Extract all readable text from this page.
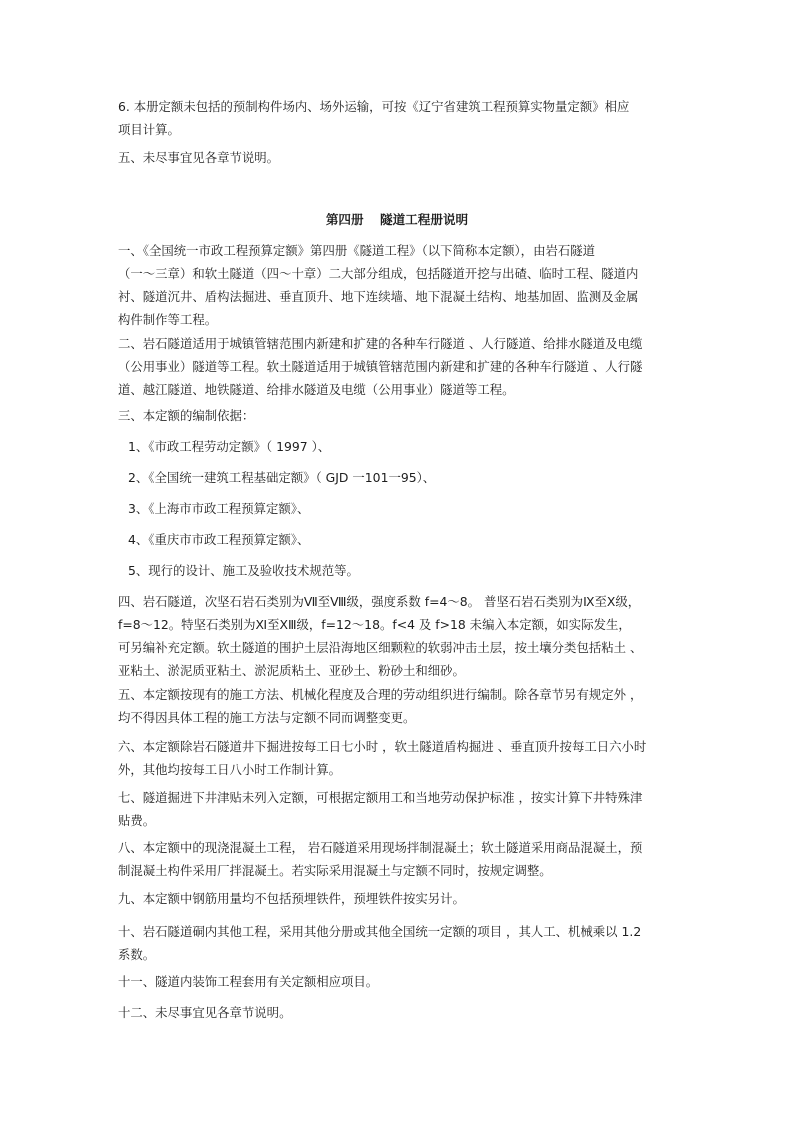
6. 本册定额未包括的预制构件场内、场外运输，可按《辽宁省建筑工程预算实物量定额》相应
项目计算。

五、未尽事宜见各章节说明。

第四册 隧道工程册说明

一、《全国统一市政工程预算定额》第四册《隧道工程》（以下简称本定额），由岩石隧道
（一～三章）和软土隧道（四～十章）二大部分组成，包括隧道开挖与出碴、临时工程、隧道内
衬、隧道沉井、盾构法掘进、垂直顶升、地下连续墙、地下混凝土结构、地基加固、监测及金属
构件制作等工程。

二、岩石隧道适用于城镇管辖范围内新建和扩建的各种车行隧道 、人行隧道、给排水隧道及电缆
（公用事业）隧道等工程。软土隧道适用于城镇管辖范围内新建和扩建的各种车行隧道 、人行隧
道、越江隧道、地铁隧道、给排水隧道及电缆（公用事业）隧道等工程。

三、本定额的编制依据：

1、《市政工程劳动定额》（ 1997 ）、

2、《全国统一建筑工程基础定额》（ GJD 一101一95）、

3、《上海市市政工程预算定额》、

4、《重庆市市政工程预算定额》、

5、现行的设计、施工及验收技术规范等。

四、岩石隧道，次坚石岩石类别为Ⅶ至Ⅷ级，强度系数 f=4～8。 普坚石岩石类别为Ⅸ至Ⅹ级，
f=8～12。特坚石类别为Ⅺ至ⅩⅢ级，f=12～18。f<4 及 f>18 未编入本定额，如实际发生，
可另编补充定额。软土隧道的围护土层沿海地区细颗粒的软弱冲击土层，按土壤分类包括粘土 、
亚粘土、淤泥质亚粘土、淤泥质粘土、亚砂土、粉砂土和细砂。

五、本定额按现有的施工方法、机械化程度及合理的劳动组织进行编制。除各章节另有规定外 ，
均不得因具体工程的施工方法与定额不同而调整变更。

六、本定额除岩石隧道井下掘进按每工日七小时 ，软土隧道盾构掘进 、垂直顶升按每工日六小时
外，其他均按每工日八小时工作制计算。

七、隧道掘进下井津贴未列入定额，可根据定额用工和当地劳动保护标准 ，按实计算下井特殊津
贴费。

八、本定额中的现浇混凝土工程， 岩石隧道采用现场拌制混凝土；软土隧道采用商品混凝土，预
制混凝土构件采用厂拌混凝土。若实际采用混凝土与定额不同时，按规定调整。

九、本定额中钢筋用量均不包括预埋铁件，预埋铁件按实另计。

十、岩石隧道硐内其他工程，采用其他分册或其他全国统一定额的项目 ，其人工、机械乘以 1.2
系数。

十一、隧道内装饰工程套用有关定额相应项目。

十二、未尽事宜见各章节说明。
